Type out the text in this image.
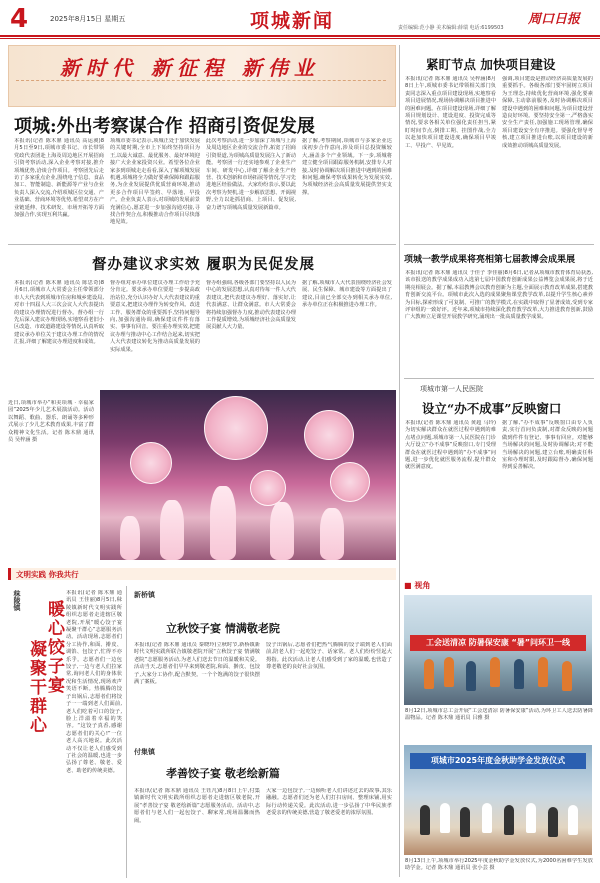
4	2025年8月15日 星期五	项城新闻	责任编辑:范小静 美术编辑:薛瑞 电话:6199503
周口日报
新时代 新征程 新伟业
项城:外出考察谋合作 招商引资促发展
本报讯(记者 陈木鼎 通讯员 高运昶)8月5日至9日,项城市委书记、市长带领党政代表团赴上海及周边地区开展招商引资考察活动,深入企业考察对接,推介项城优势,洽谈合作项目。考察团先后走访了多家重点企业,围绕电子信息、食品加工、智能制造、新能源等产业与企业负责人深入交流,介绍项城区位交通、产业基础、营商环境等优势,希望双方在产业链延伸、技术研发、市场开拓等方面加强合作,实现互利共赢。
项城市委书记表示,项城正处于加快发展的关键时期,全市上下始终坚持项目为王,以最大诚意、最优服务、最好环境迎接广大企业家投资兴业。希望各位企业家多到项城走走看看,深入了解项城发展机遇,项城将全力做好要素保障和跟踪服务,为企业发展提供优质营商环境,推动更多合作项目早签约、早落地、早投产。企业负责人表示,对项城的发展前景充满信心,愿意进一步加强沟通对接,寻找合作契合点,积极推动合作项目尽快落地见效。
此次考察活动,进一步加深了项城与上海及周边地区企业的交流合作,拓宽了招商引资渠道,为项城高质量发展注入了新动能。考察团一行还实地参观了企业生产车间、研发中心,详细了解企业生产经营、技术创新和市场拓展等情况,学习先进地区经验做法。大家纷纷表示,要以此次考察为契机,进一步解放思想、开阔视野,全力以赴抓招商、上项目、促发展,奋力谱写项城高质量发展新篇章。
据了解,考察期间,项城市与多家企业达成初步合作意向,涉及项目总投资额较大,涵盖多个产业领域。下一步,项城将建立健全项目跟踪服务机制,安排专人对接,及时协调解决项目推进中遇到的困难和问题,确保考察成果转化为发展实效,为项城经济社会高质量发展提供坚实支撑。
督办建议求实效 履职为民促发展
本报讯(记者 陈木鼎 通讯员 陈思奇)8月6日,项城市人大常委会主任带领部分市人大代表到项城市住房和城乡建设局,对市十四届人大三次会议人大代表提出的建议办理情况进行督办。督办组一行先后深入建议办理现场,实地察看老旧小区改造、市政道路建设等情况,认真听取建议承办单位关于建议办理工作的情况汇报,详细了解建议办理进度和成效。
督办组对承办单位建议办理工作给予充分肯定。要求承办单位要进一步提高政治站位,充分认识办好人大代表建议的重要意义,把建议办理作为转变作风、改进工作、服务群众的重要抓手,坚持问题导向,加强沟通协调,确保建议件件有落实、事事有回音。要注重办理实效,把建议办理与推动中心工作结合起来,切实把人大代表建议转化为推动高质量发展的实际成果。
督办组强调,各级各部门要坚持以人民为中心的发展思想,认真对待每一件人大代表建议,把代表建议办理好、落实好,让代表满意、让群众满意。市人大常委会将持续加强督办力度,推动代表建议办理工作提质增效,为项城经济社会高质量发展贡献人大力量。
据了解,项城市人大代表围绕经济社会发展、民生保障、城市建设等方面提出了建议,目前已全部交办到相关承办单位,承办单位正在积极推进办理工作。
近日,项城市举办“和美项城 · 幸福家园”2025年少儿艺术展演活动。活动以舞蹈、歌曲、器乐、朗诵等多种形式展示了少儿艺术教育成果,丰富了群众精神文化生活。记者 陈木鼎 通讯员 吴梓涵 摄
文明实践 你我共行
秣陵镇 暖心饺子宴
凝聚干群心
本报讯(记者 陈木鼎 通讯员 王佳丽)8月5日,秣陵镇新时代文明实践所组织志愿者走进辖区敬老院,开展“暖心饺子宴 凝聚干群心”志愿服务活动。活动现场,志愿者们分工协作,和面、擀皮、调馅、包饺子,忙得不亦乐乎。志愿者们一边包饺子,一边与老人们拉家常,询问老人们的身体状况和生活情况,现场欢声笑语不断。热腾腾的饺子出锅后,志愿者们将饺子一一端到老人们面前,老人们吃着可口的饺子,脸上洋溢着幸福的笑容。“这饺子真香,感谢志愿者们的关心!”一位老人高兴地说。此次活动不仅让老人们感受到了社会的温暖,也进一步弘扬了尊老、敬老、爱老、助老的传统美德。
新桥镇
立秋饺子宴 情满敬老院
本报讯(记者 陈木鼎 通讯员 秦晓玲)立秋时节,新桥镇新时代文明实践所联合镇敬老院开展“立秋饺子宴 情满敬老院”志愿服务活动,为老人们送去节日的温暖和关爱。活动当天,志愿者们早早来到敬老院,和面、擀皮、包饺子,大家分工协作,配合默契。一个个饱满的饺子很快摆满了案板。
饺子出锅后,志愿者们把热气腾腾的饺子端到老人们面前,陪老人们一起吃饺子、话家常。老人们纷纷竖起大拇指。此次活动,让老人们感受到了家的温暖,也营造了尊老敬老的良好社会氛围。
付集镇
孝善饺子宴 敬老绘新篇
本报讯(记者 陈木鼎 通讯员 王钰凡)8月8日上午,付集镇新时代文明实践所组织志愿者走进辖区敬老院,开展“孝善饺子宴 敬老绘新篇”志愿服务活动。活动中,志愿者们与老人们一起包饺子、聊家常,现场温馨而热闹。
大家一边包饺子,一边倾听老人们讲述过去的故事,其乐融融。志愿者们还为老人们打扫房间、整理床铺,用实际行动传递关爱。此次活动,进一步弘扬了中华民族孝老爱亲的传统美德,营造了敬老爱老的浓厚氛围。
紧盯节点 加快项目建设
本报讯(记者 陈木鼎 通讯员 吴梓涵)8月8日上午,项城市委书记带领相关部门负责同志深入重点项目建设现场,实地察看项目进展情况,现场协调解决项目推进中的困难问题。在项目建设现场,详细了解项目规划设计、建设进度、投资完成等情况,要求各相关单位强化责任担当,紧盯时间节点,倒排工期、挂图作战,全力以赴加快项目建设进度,确保项目早竣工、早投产、早见效。
强调,项目建设是推动经济高质量发展的重要抓手。各级各部门要牢固树立项目为王理念,持续优化营商环境,强化要素保障,主动靠前服务,及时协调解决项目建设中遇到的困难和问题,为项目建设营造良好环境。要坚持安全第一,严格落实安全生产责任,加强施工现场管理,确保项目建设安全有序推进。要强化督导考核,建立项目推进台账,以项目建设的新成效推动项城高质量发展。
项城一教学成果将亮相第七届教博会成果展
本报讯(记者 陈木鼎 通讯员 于佳子 李佳丽)8月6日,记者从项城市教育体育局获悉,该市报送的教学成果成功入选第七届中国教育创新成果公益博览会成果展,将于近期亮相展会。据了解,本届教博会以教育创新为主题,全面展示教育改革成果,搭建教育创新交流平台。项城市此次入选的成果聚焦课堂教学改革,以提升学生核心素养为目标,探索形成了可复制、可推广的教学模式,在实践中取得了显著成效,受到专家评审组的一致好评。近年来,项城市持续深化教育教学改革,大力推进教育创新,鼓励广大教师立足课堂开展教学研究,涌现出一批高质量教学成果。
项城市第一人民医院
设立“办不成事”反映窗口
本报讯(记者 陈木鼎 通讯员 黄超 马玲)为切实解决群众在就医过程中遇到的难点堵点问题,项城市第一人民医院在门诊大厅设立“办不成事”反映窗口,专门受理群众在就医过程中遇到的“办不成事”问题,进一步优化就医服务流程,提升群众就医满意度。
据了解,“办不成事”反映窗口由专人负责,实行首问负责制,对群众反映的问题做到件件有登记、事事有回应。对能够当场解决的问题,及时协调解决;对不能当场解决的问题,建立台账,明确责任科室和办理时限,及时跟踪督办,确保问题得到妥善解决。
■ 视角
工会送清凉 防暑保安康 “暑”问环卫一线
8月12日,项城市总工会开展“工会送清凉 防暑保安康”活动,为环卫工人送去防暑降温物品。记者 陈木鼎 通讯员 吕雅 摄
项城市2025年度金秋助学金发放仪式
8月13日上午,项城市举行2025年度金秋助学金发放仪式,为2000名困难学生发放助学金。记者 陈木鼎 通讯员 张小芸 摄
